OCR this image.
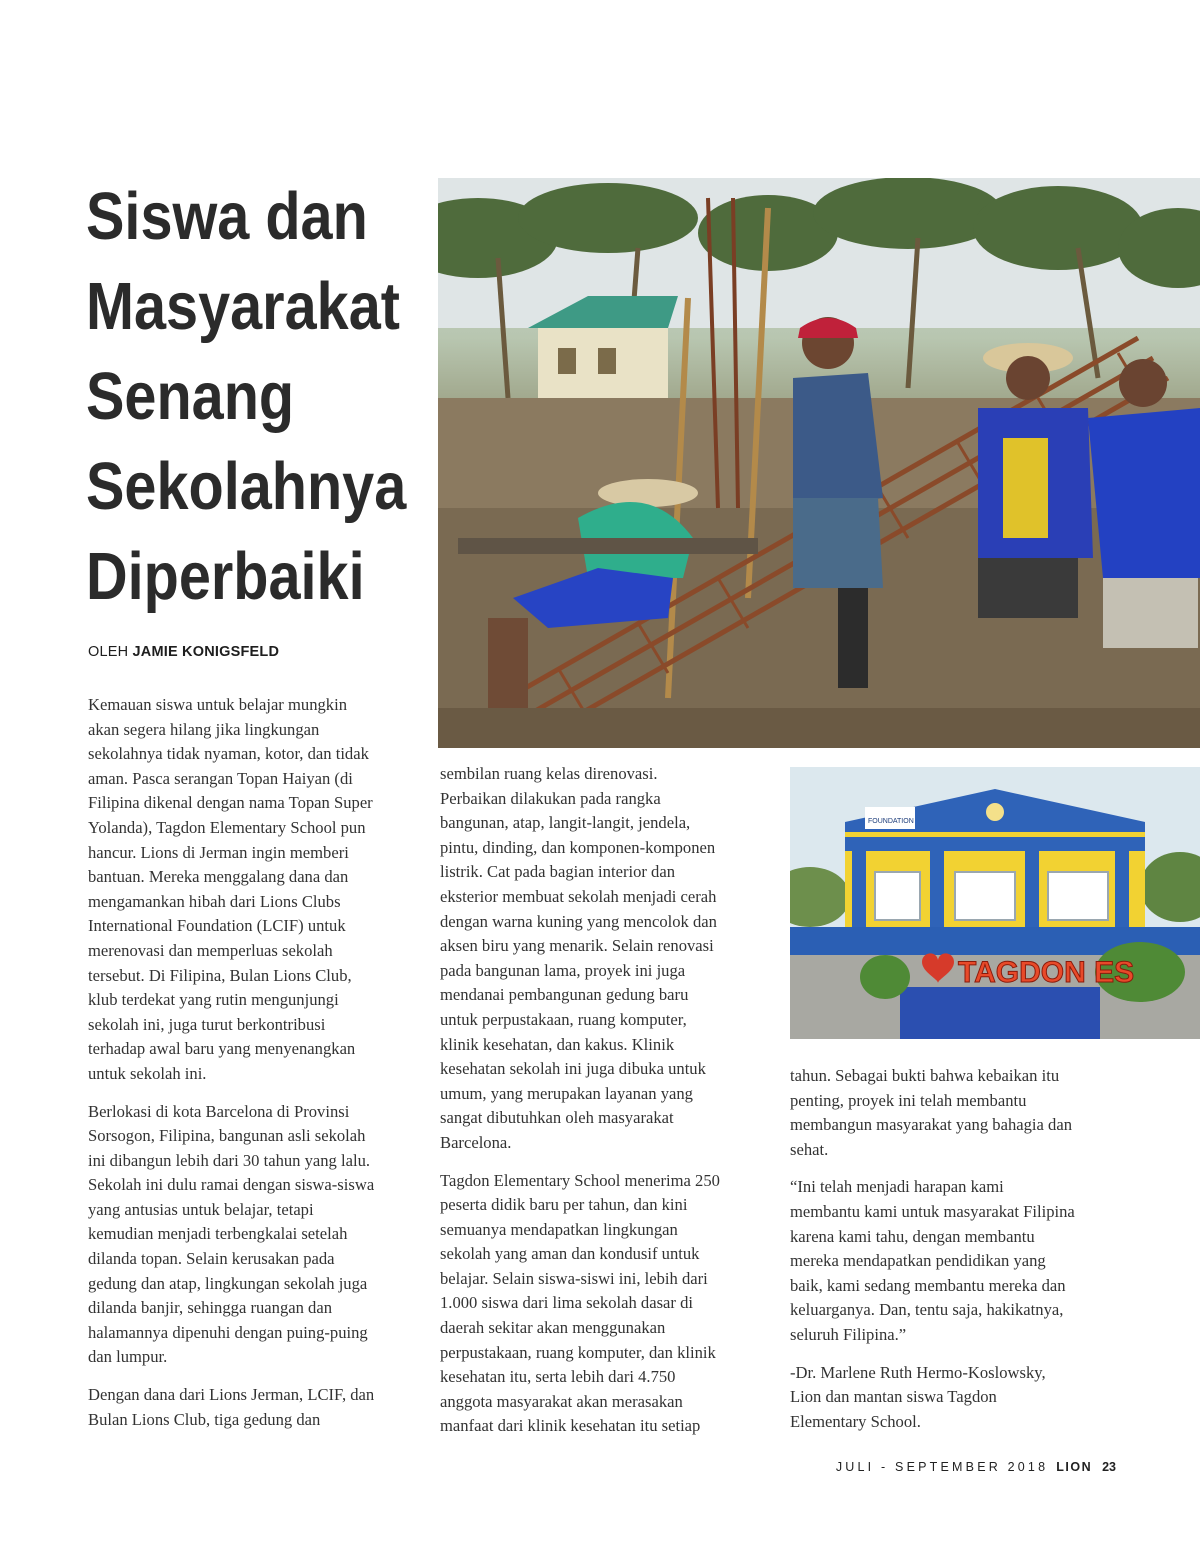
Siswa dan
Masyarakat
Senang
Sekolahnya
Diperbaiki
OLEH JAMIE KONIGSFELD
FOUNDATION
TAGDON ES

Kemauan siswa untuk belajar mungkin
akan segera hilang jika lingkungan
sekolahnya tidak nyaman, kotor, dan tidak
aman. Pasca serangan Topan Haiyan (di
Filipina dikenal dengan nama Topan Super
Yolanda), Tagdon Elementary School pun
hancur. Lions di Jerman ingin memberi
bantuan. Mereka menggalang dana dan
mengamankan hibah dari Lions Clubs
International Foundation (LCIF) untuk
merenovasi dan memperluas sekolah
tersebut. Di Filipina, Bulan Lions Club,
klub terdekat yang rutin mengunjungi
sekolah ini, juga turut berkontribusi
terhadap awal baru yang menyenangkan
untuk sekolah ini.

Berlokasi di kota Barcelona di Provinsi
Sorsogon, Filipina, bangunan asli sekolah
ini dibangun lebih dari 30 tahun yang lalu.
Sekolah ini dulu ramai dengan siswa-siswa
yang antusias untuk belajar, tetapi
kemudian menjadi terbengkalai setelah
dilanda topan. Selain kerusakan pada
gedung dan atap, lingkungan sekolah juga
dilanda banjir, sehingga ruangan dan
halamannya dipenuhi dengan puing-puing
dan lumpur.

Dengan dana dari Lions Jerman, LCIF, dan
Bulan Lions Club, tiga gedung dan

sembilan ruang kelas direnovasi.
Perbaikan dilakukan pada rangka
bangunan, atap, langit-langit, jendela,
pintu, dinding, dan komponen-komponen
listrik. Cat pada bagian interior dan
eksterior membuat sekolah menjadi cerah
dengan warna kuning yang mencolok dan
aksen biru yang menarik. Selain renovasi
pada bangunan lama, proyek ini juga
mendanai pembangunan gedung baru
untuk perpustakaan, ruang komputer,
klinik kesehatan, dan kakus. Klinik
kesehatan sekolah ini juga dibuka untuk
umum, yang merupakan layanan yang
sangat dibutuhkan oleh masyarakat
Barcelona.

Tagdon Elementary School menerima 250
peserta didik baru per tahun, dan kini
semuanya mendapatkan lingkungan
sekolah yang aman dan kondusif untuk
belajar. Selain siswa-siswi ini, lebih dari
1.000 siswa dari lima sekolah dasar di
daerah sekitar akan menggunakan
perpustakaan, ruang komputer, dan klinik
kesehatan itu, serta lebih dari 4.750
anggota masyarakat akan merasakan
manfaat dari klinik kesehatan itu setiap

tahun. Sebagai bukti bahwa kebaikan itu
penting, proyek ini telah membantu
membangun masyarakat yang bahagia dan
sehat.

“Ini telah menjadi harapan kami
membantu kami untuk masyarakat Filipina
karena kami tahu, dengan membantu
mereka mendapatkan pendidikan yang
baik, kami sedang membantu mereka dan
keluarganya. Dan, tentu saja, hakikatnya,
seluruh Filipina.”

-Dr. Marlene Ruth Hermo-Koslowsky,
Lion dan mantan siswa Tagdon
Elementary School.

JULI - SEPTEMBER 2018 LION 23
